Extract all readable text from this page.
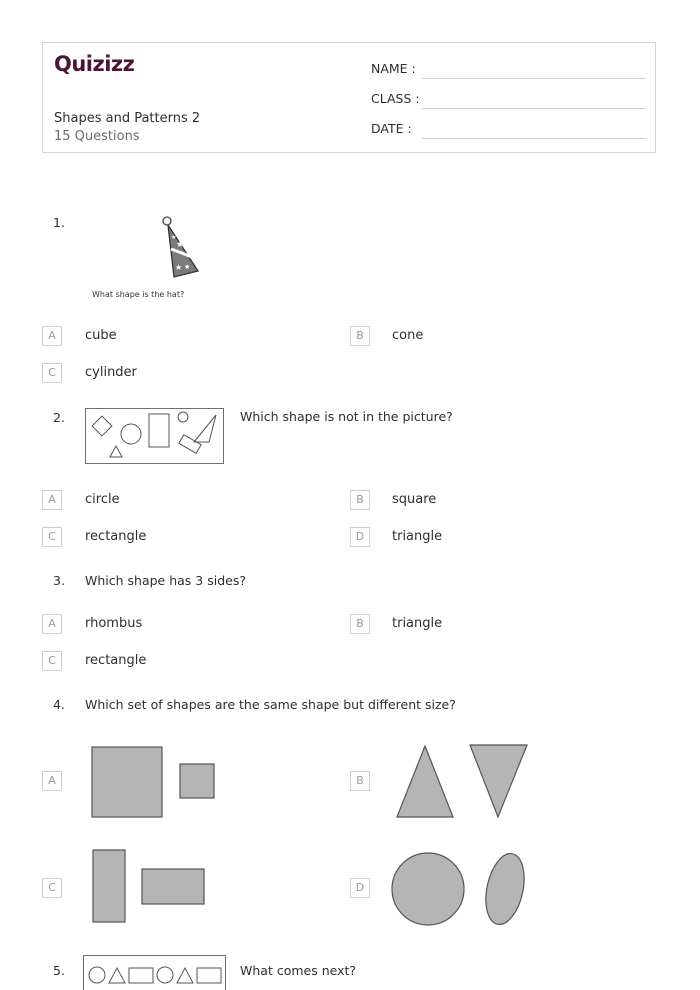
Quizizz
Shapes and Patterns 2
15 Questions
NAME :
CLASS :
DATE :
1.
★
★ ★
★
What shape is the hat?
A	cube	B	cone
C	cylinder
2.	Which shape is not in the picture?
A	circle	B	square
C	rectangle	D	triangle
3. Which shape has 3 sides?
A	rhombus	B	triangle
C	rectangle
4. Which set of shapes are the same shape but different size?
A	B
C	D
5.	What comes next?
